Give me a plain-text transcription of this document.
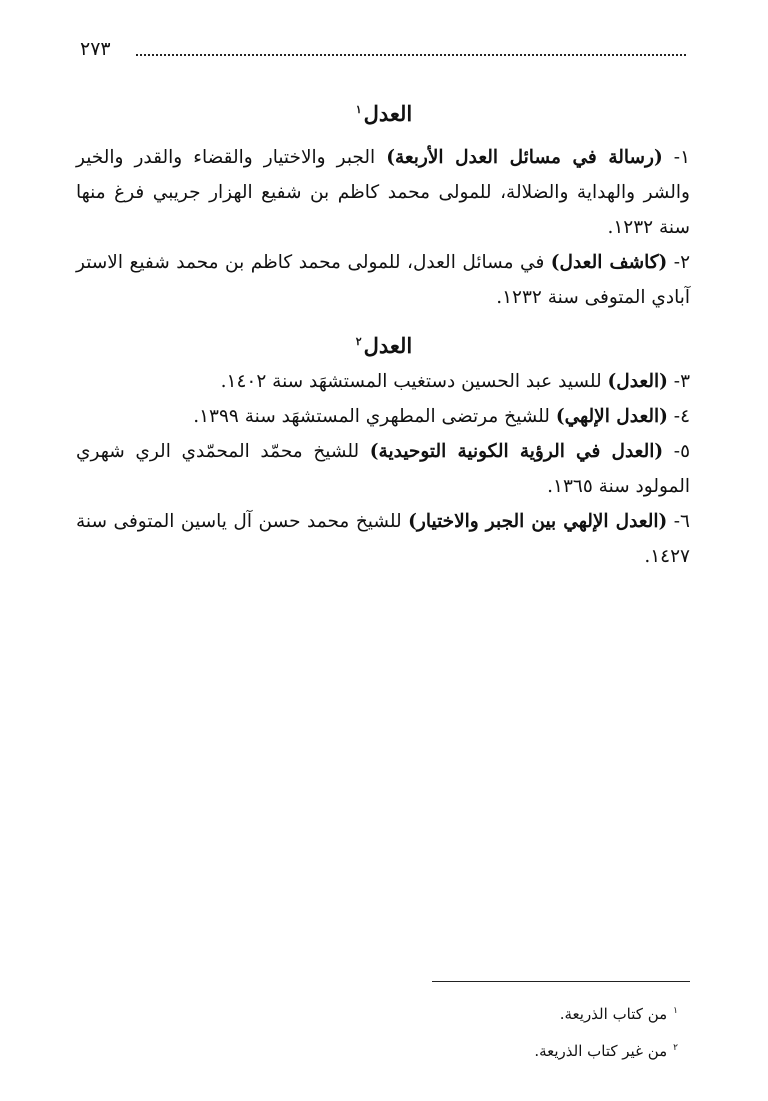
٢٧٣
العدل$^١$

١- (رسالة في مسائل العدل الأربعة) الجبر والاختيار والقضاء والقدر والخير والشر والهداية والضلالة، للمولى محمد كاظم بن شفيع الهزار جريبي فرغ منها سنة ١٢٣٢.

٢- (كاشف العدل) في مسائل العدل، للمولى محمد كاظم بن محمد شفيع الاستر آبادي المتوفى سنة ١٢٣٢.

العدل$^٢$

٣- (العدل) للسيد عبد الحسين دستغيب المستشهَد سنة ١٤٠٢.

٤- (العدل الإلهي) للشيخ مرتضى المطهري المستشهَد سنة ١٣٩٩.

٥- (العدل في الرؤية الكونية التوحيدية) للشيخ محمّد المحمّدي الري شهري المولود سنة ١٣٦٥.

٦- (العدل الإلهي بين الجبر والاختيار) للشيخ محمد حسن آل ياسين المتوفى سنة ١٤٢٧.

$^١$من كتاب الذريعة.
$^٢$من غير كتاب الذريعة.
